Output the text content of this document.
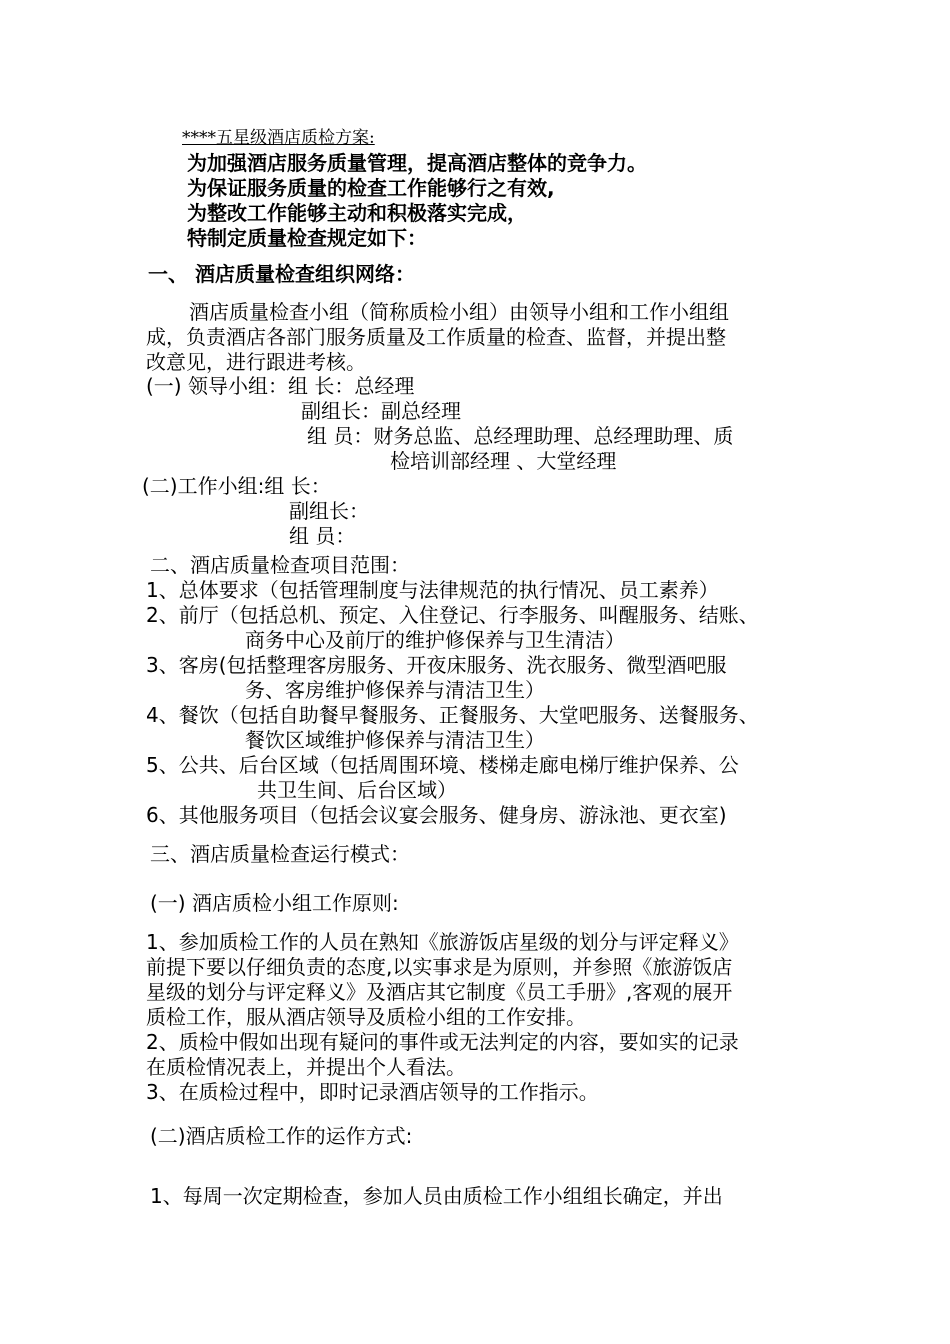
****五星级酒店质检方案:
为加强酒店服务质量管理，提高酒店整体的竞争力。
为保证服务质量的检查工作能够行之有效,
为整改工作能够主动和积极落实完成，
特制定质量检查规定如下：
一、 酒店质量检查组织网络：
酒店质量检查小组（简称质检小组）由领导小组和工作小组组
成，负责酒店各部门服务质量及工作质量的检查、监督，并提出整
改意见，进行跟进考核。
(一) 领导小组：组 长：总经理
副组长：副总经理
组 员：财务总监、总经理助理、总经理助理、质
检培训部经理 、大堂经理
(二)工作小组:组 长：
副组长：
组 员：
二、酒店质量检查项目范围：
1、总体要求（包括管理制度与法律规范的执行情况、员工素养）
2、前厅（包括总机、预定、入住登记、行李服务、叫醒服务、结账、
商务中心及前厅的维护修保养与卫生清洁）
3、客房(包括整理客房服务、开夜床服务、洗衣服务、微型酒吧服
务、客房维护修保养与清洁卫生）
4、餐饮（包括自助餐早餐服务、正餐服务、大堂吧服务、送餐服务、
餐饮区域维护修保养与清洁卫生）
5、公共、后台区域（包括周围环境、楼梯走廊电梯厅维护保养、公
共卫生间、后台区域）
6、其他服务项目（包括会议宴会服务、健身房、游泳池、更衣室)
三、酒店质量检查运行模式：
(一) 酒店质检小组工作原则:
1、参加质检工作的人员在熟知《旅游饭店星级的划分与评定释义》
前提下要以仔细负责的态度,以实事求是为原则，并参照《旅游饭店
星级的划分与评定释义》及酒店其它制度《员工手册》,客观的展开
质检工作，服从酒店领导及质检小组的工作安排。
2、质检中假如出现有疑问的事件或无法判定的内容，要如实的记录
在质检情况表上，并提出个人看法。
3、在质检过程中，即时记录酒店领导的工作指示。
(二)酒店质检工作的运作方式:
1、每周一次定期检查，参加人员由质检工作小组组长确定，并出
